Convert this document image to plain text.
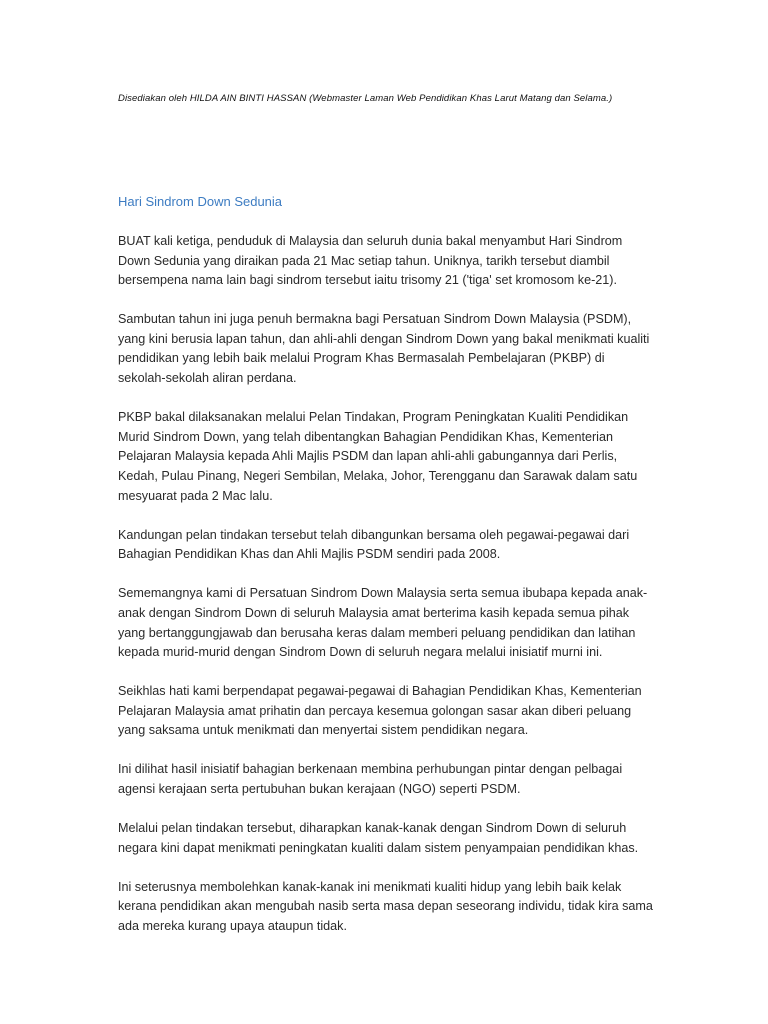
Disediakan oleh HILDA AIN BINTI HASSAN (Webmaster Laman Web Pendidikan Khas Larut Matang dan Selama.)
Hari Sindrom Down Sedunia

BUAT kali ketiga, penduduk di Malaysia dan seluruh dunia bakal menyambut Hari Sindrom Down Sedunia yang diraikan pada 21 Mac setiap tahun. Uniknya, tarikh tersebut diambil bersempena nama lain bagi sindrom tersebut iaitu trisomy 21 ('tiga' set kromosom ke-21).

Sambutan tahun ini juga penuh bermakna bagi Persatuan Sindrom Down Malaysia (PSDM), yang kini berusia lapan tahun, dan ahli-ahli dengan Sindrom Down yang bakal menikmati kualiti pendidikan yang lebih baik melalui Program Khas Bermasalah Pembelajaran (PKBP) di sekolah-sekolah aliran perdana.

PKBP bakal dilaksanakan melalui Pelan Tindakan, Program Peningkatan Kualiti Pendidikan Murid Sindrom Down, yang telah dibentangkan Bahagian Pendidikan Khas, Kementerian Pelajaran Malaysia kepada Ahli Majlis PSDM dan lapan ahli-ahli gabungannya dari Perlis, Kedah, Pulau Pinang, Negeri Sembilan, Melaka, Johor, Terengganu dan Sarawak dalam satu mesyuarat pada 2 Mac lalu.

Kandungan pelan tindakan tersebut telah dibangunkan bersama oleh pegawai-pegawai dari Bahagian Pendidikan Khas dan Ahli Majlis PSDM sendiri pada 2008.

Sememangnya kami di Persatuan Sindrom Down Malaysia serta semua ibubapa kepada anak-anak dengan Sindrom Down di seluruh Malaysia amat berterima kasih kepada semua pihak yang bertanggungjawab dan berusaha keras dalam memberi peluang pendidikan dan latihan kepada murid-murid dengan Sindrom Down di seluruh negara melalui inisiatif murni ini.

Seikhlas hati kami berpendapat pegawai-pegawai di Bahagian Pendidikan Khas, Kementerian Pelajaran Malaysia amat prihatin dan percaya kesemua golongan sasar akan diberi peluang yang saksama untuk menikmati dan menyertai sistem pendidikan negara.

Ini dilihat hasil inisiatif bahagian berkenaan membina perhubungan pintar dengan pelbagai agensi kerajaan serta pertubuhan bukan kerajaan (NGO) seperti PSDM.

Melalui pelan tindakan tersebut, diharapkan kanak-kanak dengan Sindrom Down di seluruh negara kini dapat menikmati peningkatan kualiti dalam sistem penyampaian pendidikan khas.

Ini seterusnya membolehkan kanak-kanak ini menikmati kualiti hidup yang lebih baik kelak kerana pendidikan akan mengubah nasib serta masa depan seseorang individu, tidak kira sama ada mereka kurang upaya ataupun tidak.
